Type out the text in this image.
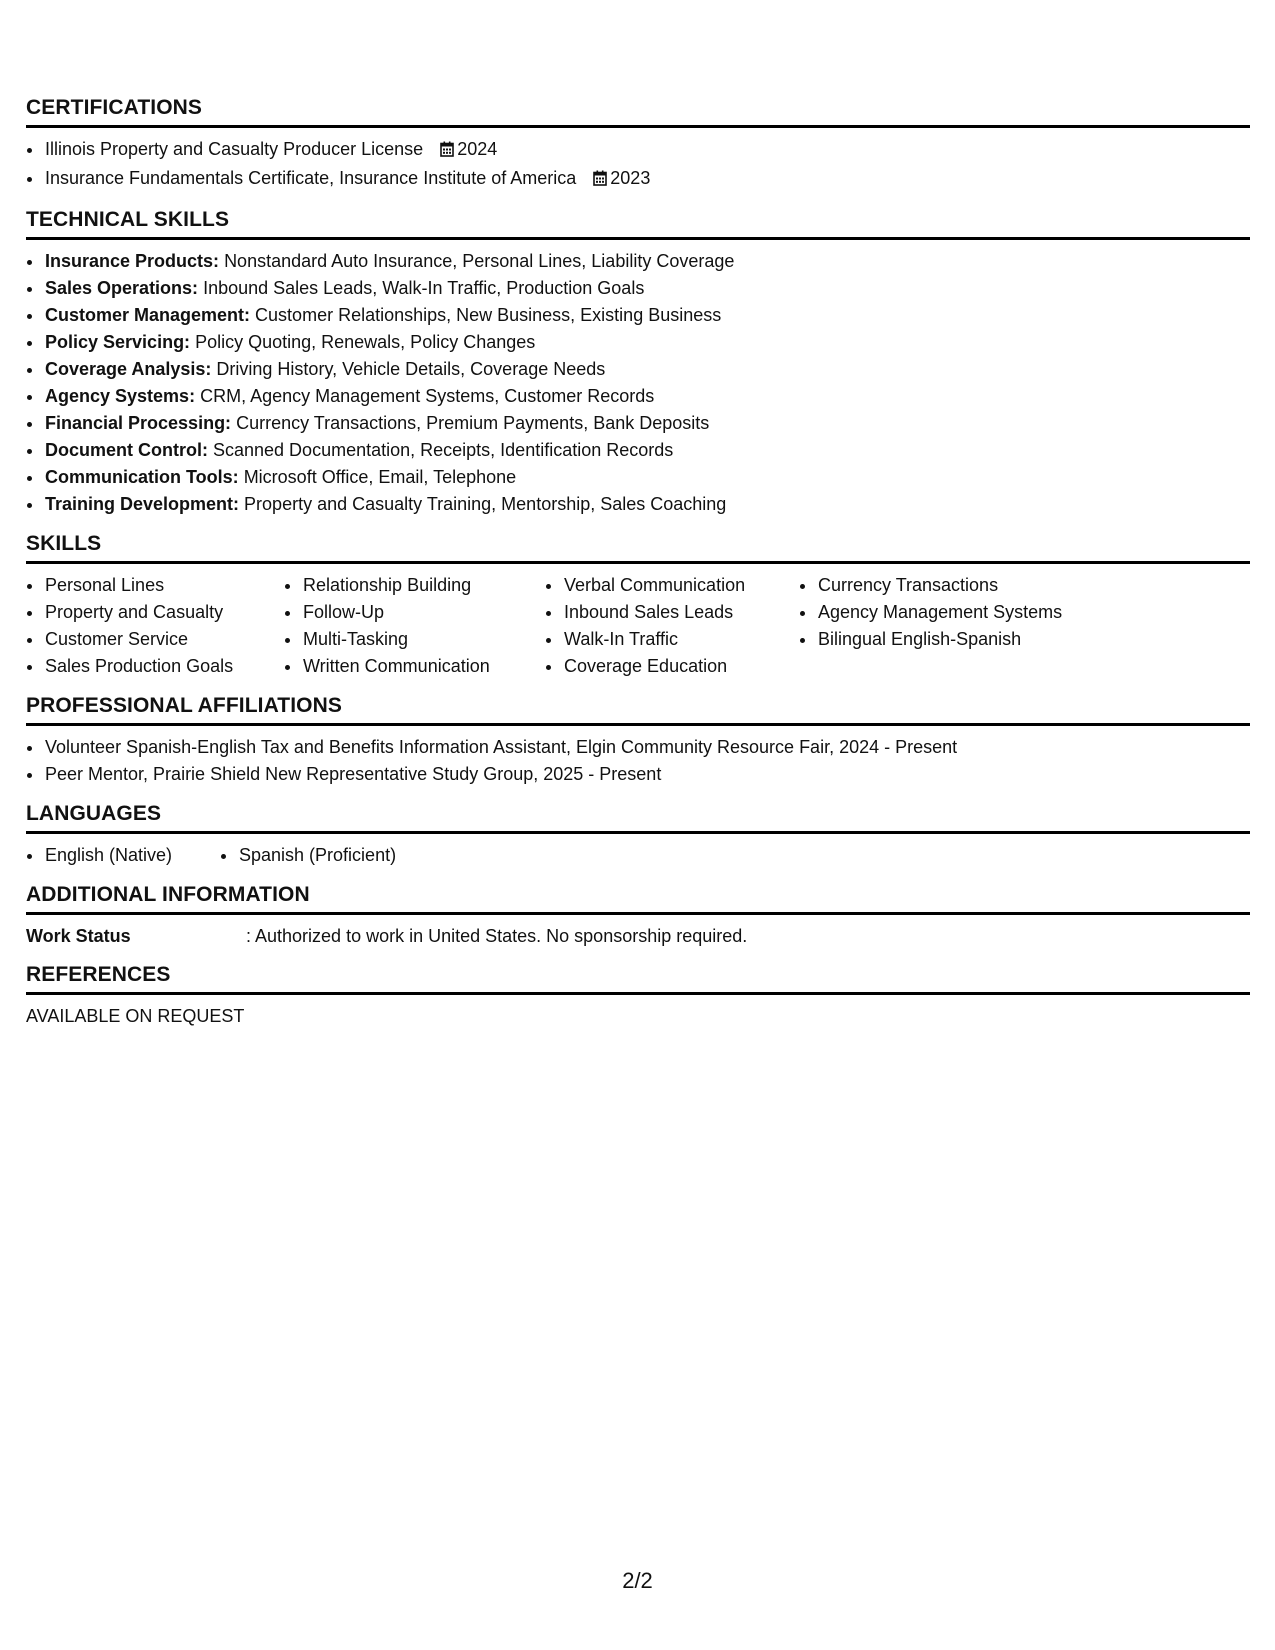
CERTIFICATIONS
• Illinois Property and Casualty Producer License 2024
• Insurance Fundamentals Certificate, Insurance Institute of America 2023
TECHNICAL SKILLS
• Insurance Products: Nonstandard Auto Insurance, Personal Lines, Liability Coverage
• Sales Operations: Inbound Sales Leads, Walk-In Traffic, Production Goals
• Customer Management: Customer Relationships, New Business, Existing Business
• Policy Servicing: Policy Quoting, Renewals, Policy Changes
• Coverage Analysis: Driving History, Vehicle Details, Coverage Needs
• Agency Systems: CRM, Agency Management Systems, Customer Records
• Financial Processing: Currency Transactions, Premium Payments, Bank Deposits
• Document Control: Scanned Documentation, Receipts, Identification Records
• Communication Tools: Microsoft Office, Email, Telephone
• Training Development: Property and Casualty Training, Mentorship, Sales Coaching
SKILLS
• Personal Lines
• Property and Casualty
• Customer Service
• Sales Production Goals
• Relationship Building
• Follow-Up
• Multi-Tasking
• Written Communication
• Verbal Communication
• Inbound Sales Leads
• Walk-In Traffic
• Coverage Education
• Currency Transactions
• Agency Management Systems
• Bilingual English-Spanish
PROFESSIONAL AFFILIATIONS
• Volunteer Spanish-English Tax and Benefits Information Assistant, Elgin Community Resource Fair, 2024 - Present
• Peer Mentor, Prairie Shield New Representative Study Group, 2025 - Present
LANGUAGES
• English (Native)
•	Spanish (Proficient)
ADDITIONAL INFORMATION
Work Status	: Authorized to work in United States. No sponsorship required.
REFERENCES
AVAILABLE ON REQUEST
2/2
